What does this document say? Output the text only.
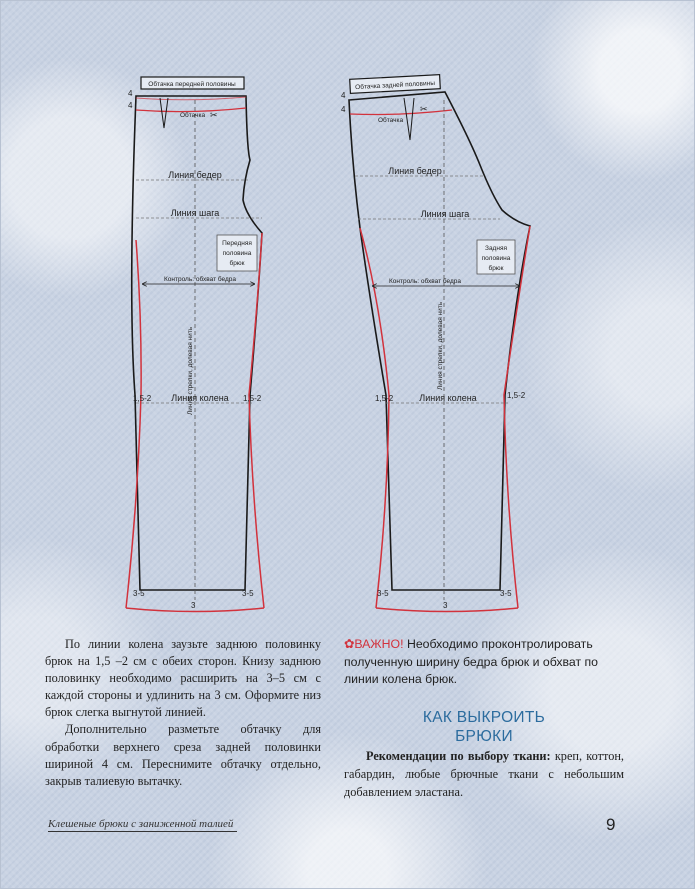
Обтачка передней половины
4
4
Обтачка ✂
Линия бедер
Линия шага
Передняя
половина
брюк
Контроль: обхват бедра
Линия стрелки, долевая нить
Линия колена
1,5-2	1,5-2
3-5	3-5
3
Обтачка задней половины
4
4
Обтачка
✂
Линия бедер
Линия шага
Задняя
половина
брюк
Контроль: обхват бедра
Линия стрелки, долевая нить
Линия колена
1,5-2	1,5-2
3-5	3-5
3

По линии колена заузьте заднюю половинку брюк на 1,5 –2 см с обеих сторон. Книзу заднюю половинку необходимо расширить на 3–5 см с каждой стороны и удлинить на 3 см. Оформите низ брюк слегка выгнутой линией.

Дополнительно разметьте обтачку для обработки верхнего среза задней половинки шириной 4 см. Переснимите обтачку отдельно, закрыв талиевую вытачку.

✿ВАЖНО! Необходимо проконтролировать полученную ширину бедра брюк и обхват по линии колена брюк.
КАК ВЫКРОИТЬ
БРЮКИ

Рекомендации по выбору ткани: креп, коттон, габардин, любые брючные ткани с небольшим добавлением эластана.

Клешеные брюки с заниженной талией	9
